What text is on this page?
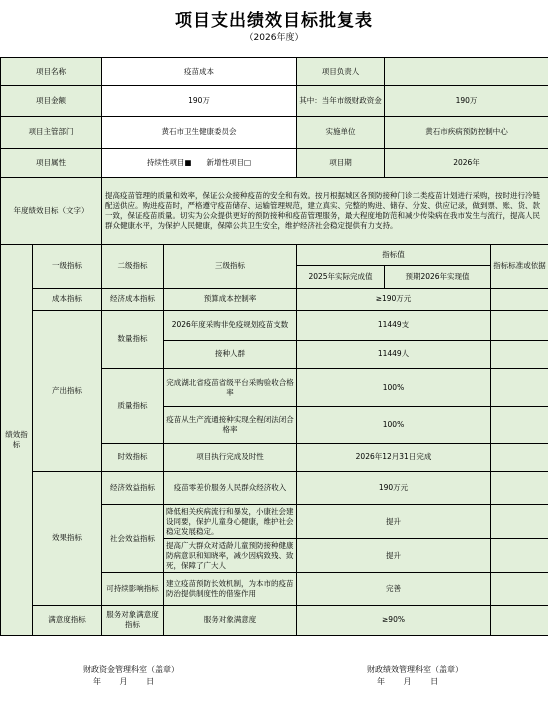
项目支出绩效目标批复表
（2026年度）
项目名称		疫苗成本		项目负责人		
项目金额		190万		其中：当年市级财政资金	190万	
项目主管部门		黄石市卫生健康委员会		实施单位	黄石市疾病预防控制中心	
项目属性		持续性项目■　　新增性项目□		项目期	2026年	
年度绩效目标（文字）		提高疫苗管理的质量和效率，保证公众接种疫苗的安全和有效。按月根据城区各预防接种门诊二类疫苗计划进行采购，按时进行冷链配送供应。购进疫苗时，严格遵守疫苗储存、运输管理规范，建立真实、完整的购进、储存、分发、供应记录，做到票、账、货、款一致，保证疫苗质量。切实为公众提供更好的预防接种和疫苗管理服务，最大程度地防范和减少传染病在我市发生与流行，提高人民群众健康水平，为保护人民健康，保障公共卫生安全，维护经济社会稳定提供有力支持。				
绩效指标	一级指标	二级指标	三级指标	指标值		指标标准或依据
				2025年实际完成值	预期2026年实现值	
	成本指标	经济成本指标	预算成本控制率	≥190万元		
	产出指标	数量指标	2026年度采购非免疫规划疫苗支数	11449支		
			接种人群	11449人		
		质量指标	完成湖北省疫苗省级平台采购验收合格率	100%		
			疫苗从生产流通接种实现全程闭法闭合格率	100%		
		时效指标	项目执行完成及时性	2026年12月31日完成		
	效果指标	经济效益指标	疫苗零差价服务人民群众经济收入	190万元		
		社会效益指标	降低相关疾病流行和暴发，小康社会建设同要，保护儿童身心健康，维护社会稳定发展稳定。	提升		
			提高广大群众对适龄儿童预防接种健康防病意识和知晓率，减少因病致残、致死，保障了广大人	提升		
		可持续影响指标	建立疫苗预防长效机制，为本市的疫苗防治提供制度性的借鉴作用	完善		
	满意度指标	服务对象满意度指标	服务对象满意度	≥90%		
财政资金管理科室（盖章）
年 月 日
财政绩效管理科室（盖章）
年 月 日
